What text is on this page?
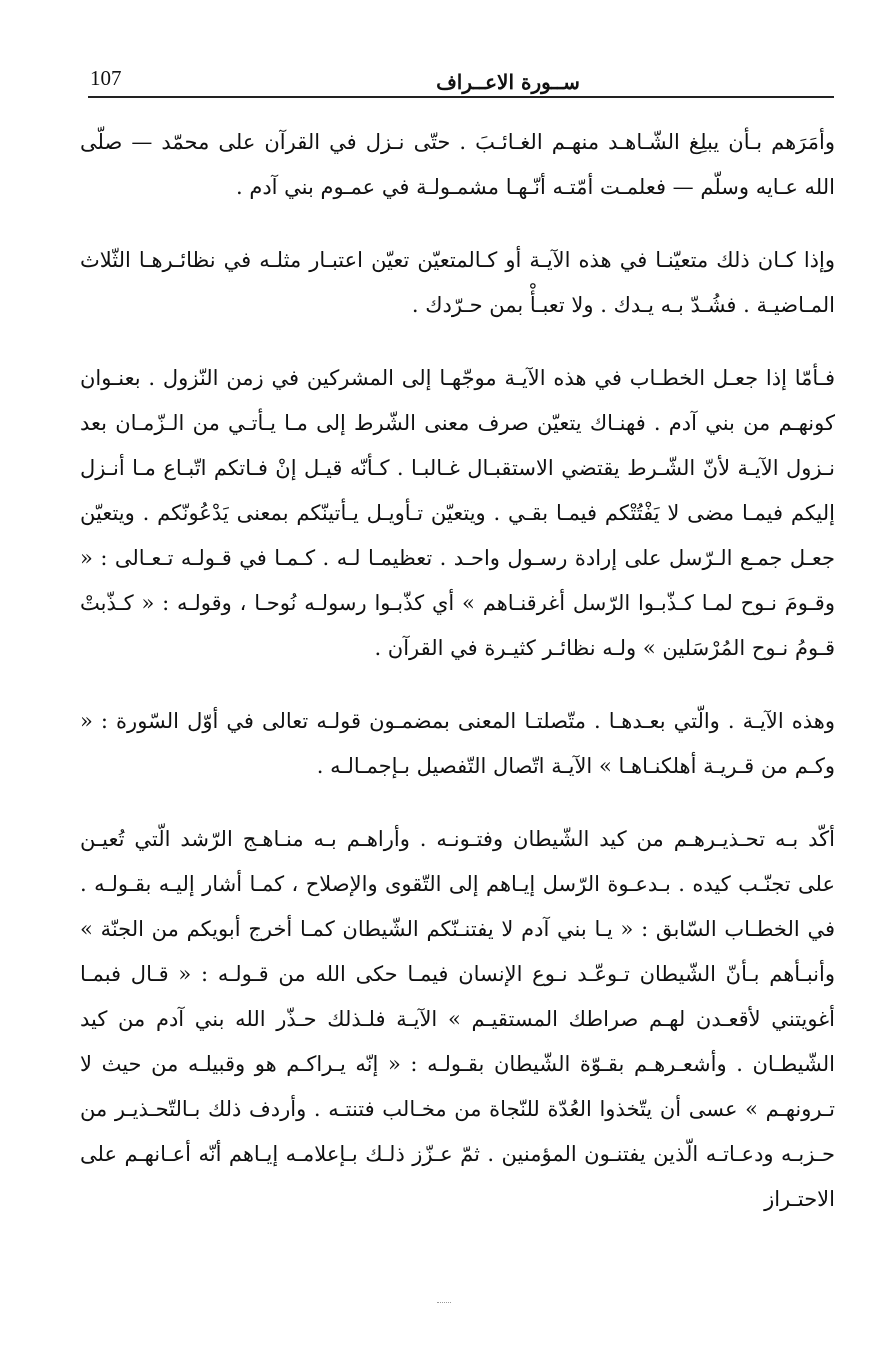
107	ســورة الاعــراف

وأمَرَهم بـأن يبلِغ الشّـاهـد منهـم الغـائـبَ . حتّى نـزل في القرآن على محمّد — صلّى الله عـايه وسلّم — فعلمـت أمّتـه أنّـهـا مشمـولـة في عمـوم بني آدم .

وإذا كـان ذلك متعيّنـا في هذه الآيـة أو كـالمتعيّن تعيّن اعتبـار مثلـه في نظائـرهـا الثّلاث المـاضيـة . فشُـدّ بـه يـدك . ولا تعبـأْ بمن حـرّدك .

فـأمّا إذا جعـل الخطـاب في هذه الآيـة موجّهـا إلى المشركين في زمن النّزول . بعنـوان كونهـم من بني آدم . فهنـاك يتعيّن صرف معنى الشّرط إلى مـا يـأتـي من الـزّمـان بعد نـزول الآيـة لأنّ الشّـرط يقتضي الاستقبـال غـالبـا . كـأنّه قيـل إنْ فـاتكم اتّبـاع مـا أنـزل إليكم فيمـا مضى لا يَفْتُتْكم فيمـا بقـي . ويتعيّن تـأويـل يـأتينّكم بمعنى يَدْعُونّكم . ويتعيّن جعـل جمـع الـرّسل على إرادة رسـول واحـد . تعظيمـا لـه . كـمـا في قـولـه تـعـالى : « وقـومَ نـوح لمـا كـذّبـوا الرّسل أغرقنـاهم » أي كذّبـوا رسولـه نُوحـا ، وقولـه : « كـذّبتْ قـومُ نـوح المُرْسَلين » ولـه نظائـر كثيـرة في القرآن .

وهذه الآيـة . والّتي بعـدهـا . متّصلتـا المعنى بمضمـون قولـه تعالى في أوّل السّورة : « وكـم من قـريـة أهلكنـاهـا » الآيـة اتّصال التّفصيل بـإجمـالـه .

أكّد بـه تحـذيـرهـم من كيد الشّيطان وفتـونـه . وأراهـم بـه منـاهـج الرّشد الّتي تُعيـن على تجنّـب كيده . بـدعـوة الرّسل إيـاهم إلى التّقوى والإصلاح ، كمـا أشار إليـه بقـولـه . في الخطـاب السّابق : « يـا بني آدم لا يفتنـنّكم الشّيطان كمـا أخرج أبويكم من الجنّة » وأنبـأهم بـأنّ الشّيطان تـوعّـد نـوع الإنسان فيمـا حكى الله من قـولـه : « قـال فبمـا أغويتني لأقعـدن لهـم صراطك المستقيـم » الآيـة فلـذلك حـذّر الله بني آدم من كيد الشّيطـان . وأشعـرهـم بقـوّة الشّيطان بقـولـه : « إنّه يـراكـم هو وقبيلـه من حيث لا تـرونهـم » عسى أن يتّخذوا العُدّة للنّجاة من مخـالب فتنتـه . وأردف ذلك بـالتّحـذيـر من حـزبـه ودعـاتـه الّذين يفتنـون المؤمنين . ثمّ عـزّز ذلـك بـإعلامـه إيـاهم أنّه أعـانهـم على الاحتـراز
